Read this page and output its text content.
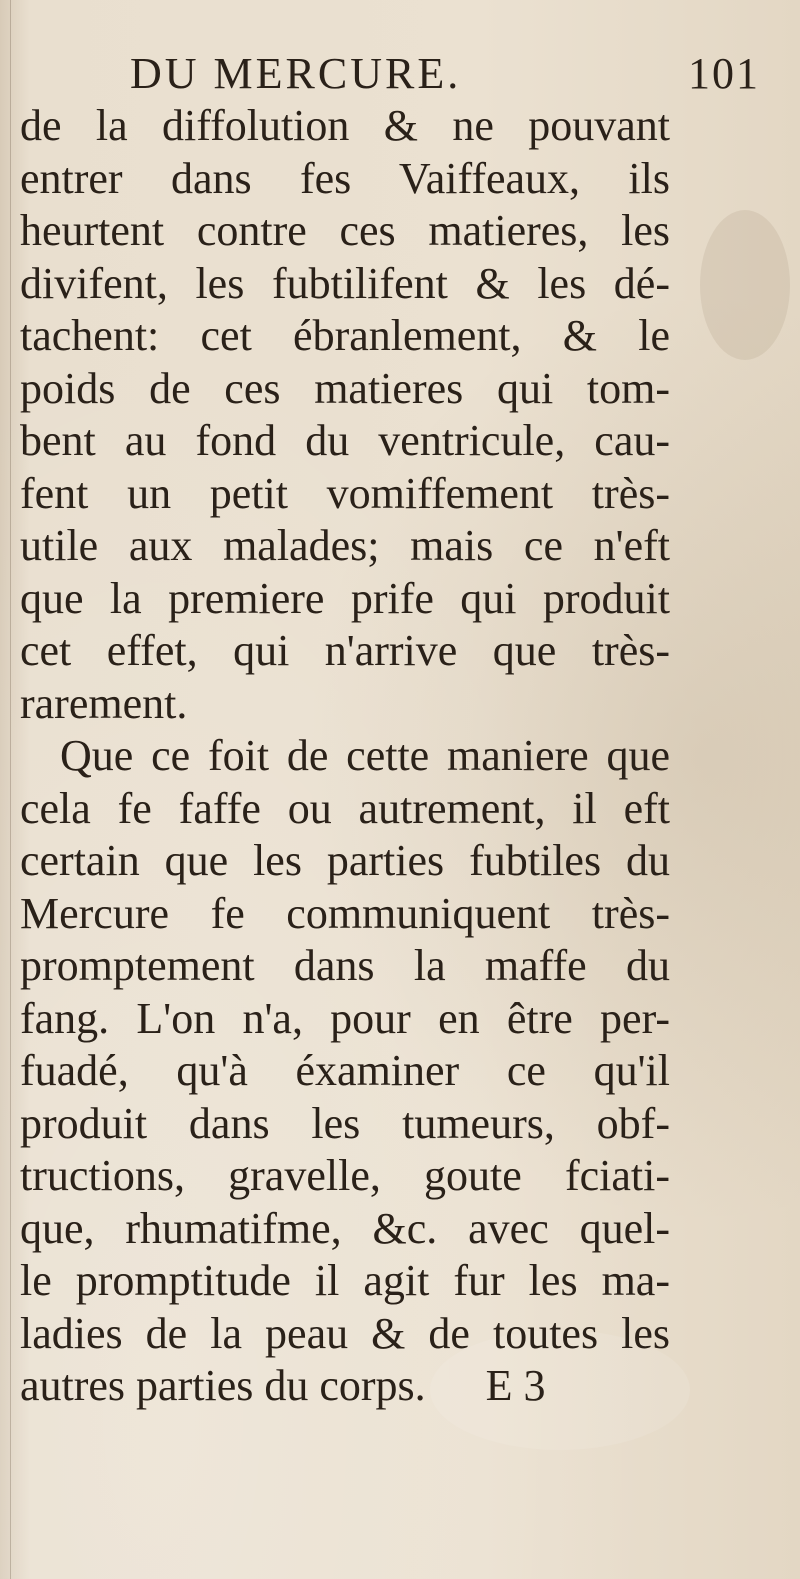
DU MERCURE.	101
de la diffolution & ne pouvant
entrer dans fes Vaiffeaux, ils
heurtent contre ces matieres, les
divifent, les fubtilifent & les dé-
tachent: cet ébranlement, & le
poids de ces matieres qui tom-
bent au fond du ventricule, cau-
fent un petit vomiffement très-
utile aux malades; mais ce n'eft
que la premiere prife qui produit
cet effet, qui n'arrive que très-
rarement.
Que ce foit de cette maniere que
cela fe faffe ou autrement, il eft
certain que les parties fubtiles du
Mercure fe communiquent très-
promptement dans la maffe du
fang. L'on n'a, pour en être per-
fuadé, qu'à éxaminer ce qu'il
produit dans les tumeurs, obf-
tructions, gravelle, goute fciati-
que, rhumatifme, &c. avec quel-
le promptitude il agit fur les ma-
ladies de la peau & de toutes les
autres parties du corps. E 3
